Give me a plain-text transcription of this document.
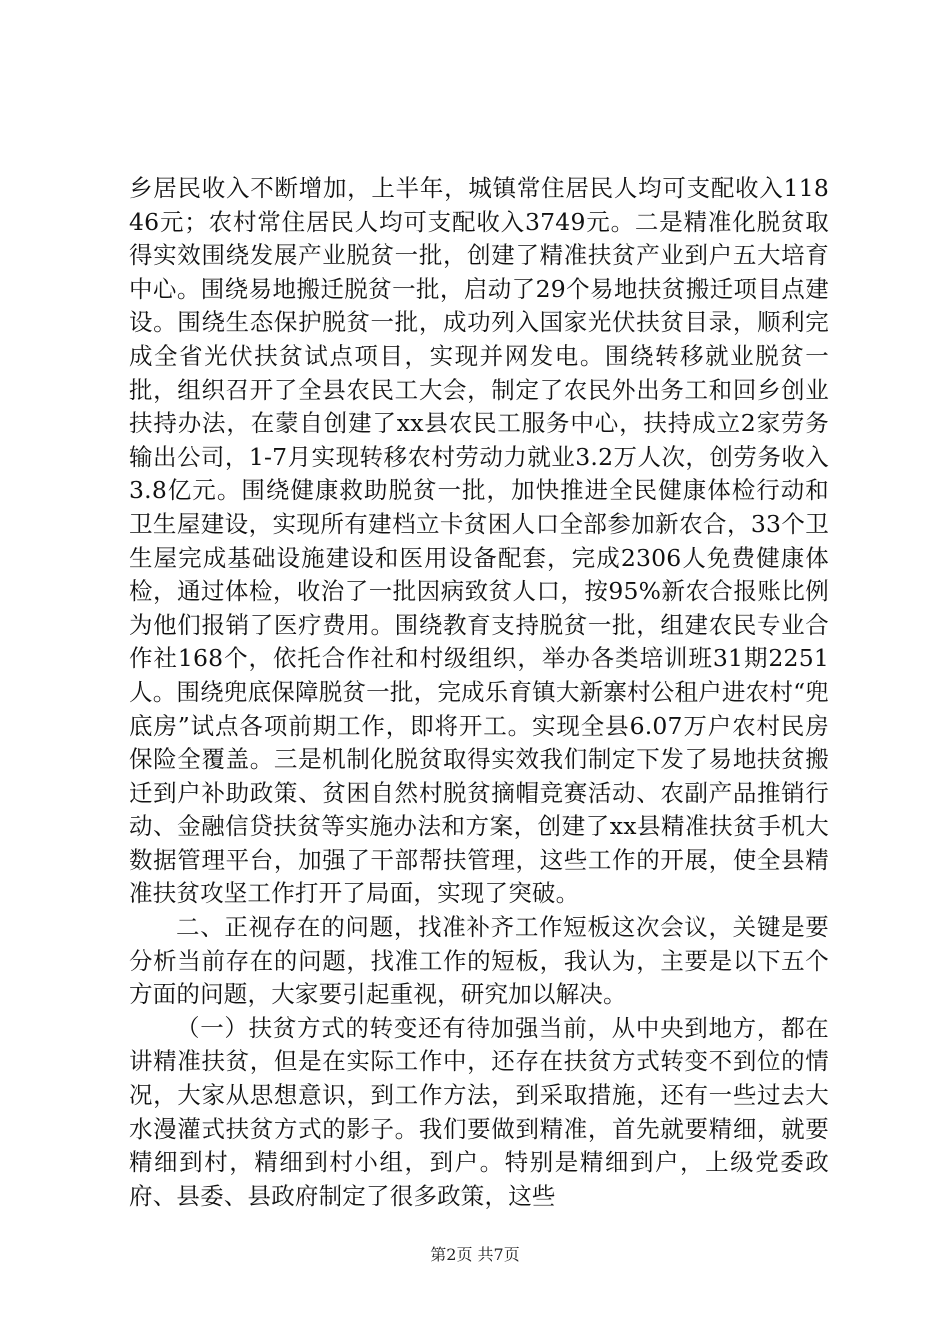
乡居民收入不断增加，上半年，城镇常住居民人均可支配收入11846元；农村常住居民人均可支配收入3749元。二是精准化脱贫取得实效围绕发展产业脱贫一批，创建了精准扶贫产业到户五大培育中心。围绕易地搬迁脱贫一批，启动了29个易地扶贫搬迁项目点建设。围绕生态保护脱贫一批，成功列入国家光伏扶贫目录，顺利完成全省光伏扶贫试点项目，实现并网发电。围绕转移就业脱贫一批，组织召开了全县农民工大会，制定了农民外出务工和回乡创业扶持办法，在蒙自创建了xx县农民工服务中心，扶持成立2家劳务输出公司，1-7月实现转移农村劳动力就业3.2万人次，创劳务收入3.8亿元。围绕健康救助脱贫一批，加快推进全民健康体检行动和卫生屋建设，实现所有建档立卡贫困人口全部参加新农合，33个卫生屋完成基础设施建设和医用设备配套，完成2306人免费健康体检，通过体检，收治了一批因病致贫人口，按95%新农合报账比例为他们报销了医疗费用。围绕教育支持脱贫一批，组建农民专业合作社168个，依托合作社和村级组织，举办各类培训班31期2251人。围绕兜底保障脱贫一批，完成乐育镇大新寨村公租户进农村“兜底房”试点各项前期工作，即将开工。实现全县6.07万户农村民房保险全覆盖。三是机制化脱贫取得实效我们制定下发了易地扶贫搬迁到户补助政策、贫困自然村脱贫摘帽竞赛活动、农副产品推销行动、金融信贷扶贫等实施办法和方案，创建了xx县精准扶贫手机大数据管理平台，加强了干部帮扶管理，这些工作的开展，使全县精准扶贫攻坚工作打开了局面，实现了突破。

二、正视存在的问题，找准补齐工作短板这次会议，关键是要分析当前存在的问题，找准工作的短板，我认为，主要是以下五个方面的问题，大家要引起重视，研究加以解决。

（一）扶贫方式的转变还有待加强当前，从中央到地方，都在讲精准扶贫，但是在实际工作中，还存在扶贫方式转变不到位的情况，大家从思想意识，到工作方法，到采取措施，还有一些过去大水漫灌式扶贫方式的影子。我们要做到精准，首先就要精细，就要精细到村，精细到村小组，到户。特别是精细到户，上级党委政府、县委、县政府制定了很多政策，这些

第2页 共7页
